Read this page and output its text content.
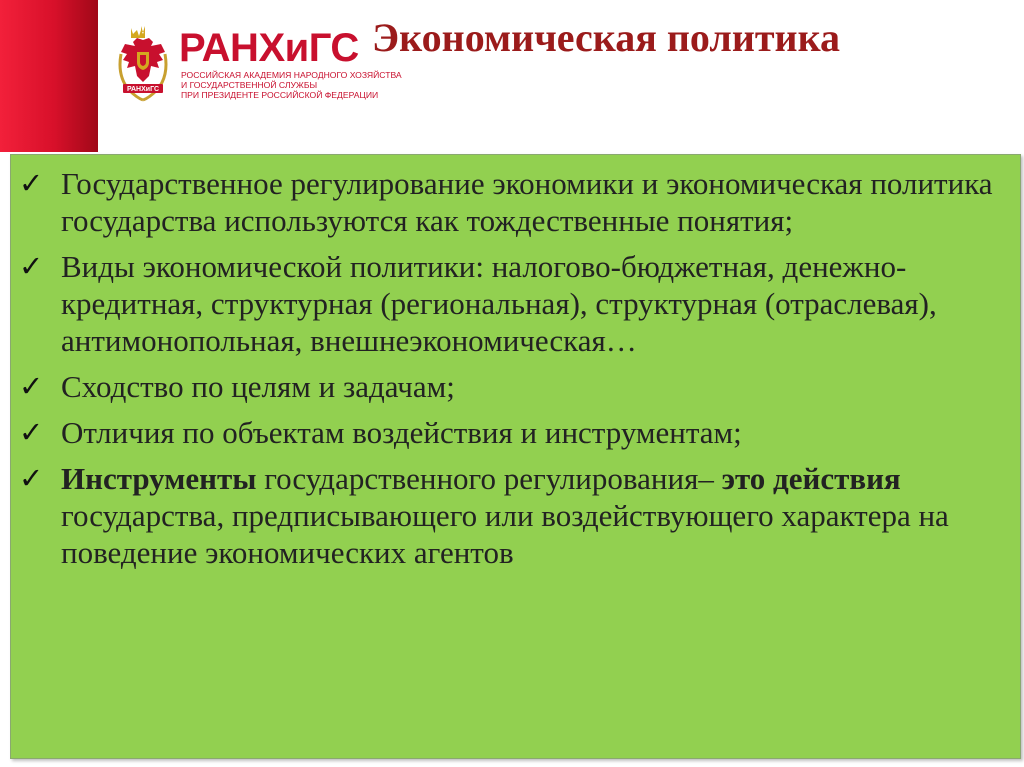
РАНХиГС
РАНХиГС
РОССИЙСКАЯ АКАДЕМИЯ НАРОДНОГО ХОЗЯЙСТВА
И ГОСУДАРСТВЕННОЙ СЛУЖБЫ
ПРИ ПРЕЗИДЕНТЕ РОССИЙСКОЙ ФЕДЕРАЦИИ
Экономическая политика
✓ Государственное регулирование экономики и экономическая политика государства используются как тождественные понятия;
✓ Виды экономической политики: налогово-бюджетная, денежно-кредитная, структурная (региональная), структурная (отраслевая), антимонопольная, внешнеэкономическая…
✓ Сходство по целям и задачам;
✓ Отличия по объектам воздействия и инструментам;
✓ Инструменты государственного регулирования– это действия государства, предписывающего или воздействующего характера на поведение экономических агентов
